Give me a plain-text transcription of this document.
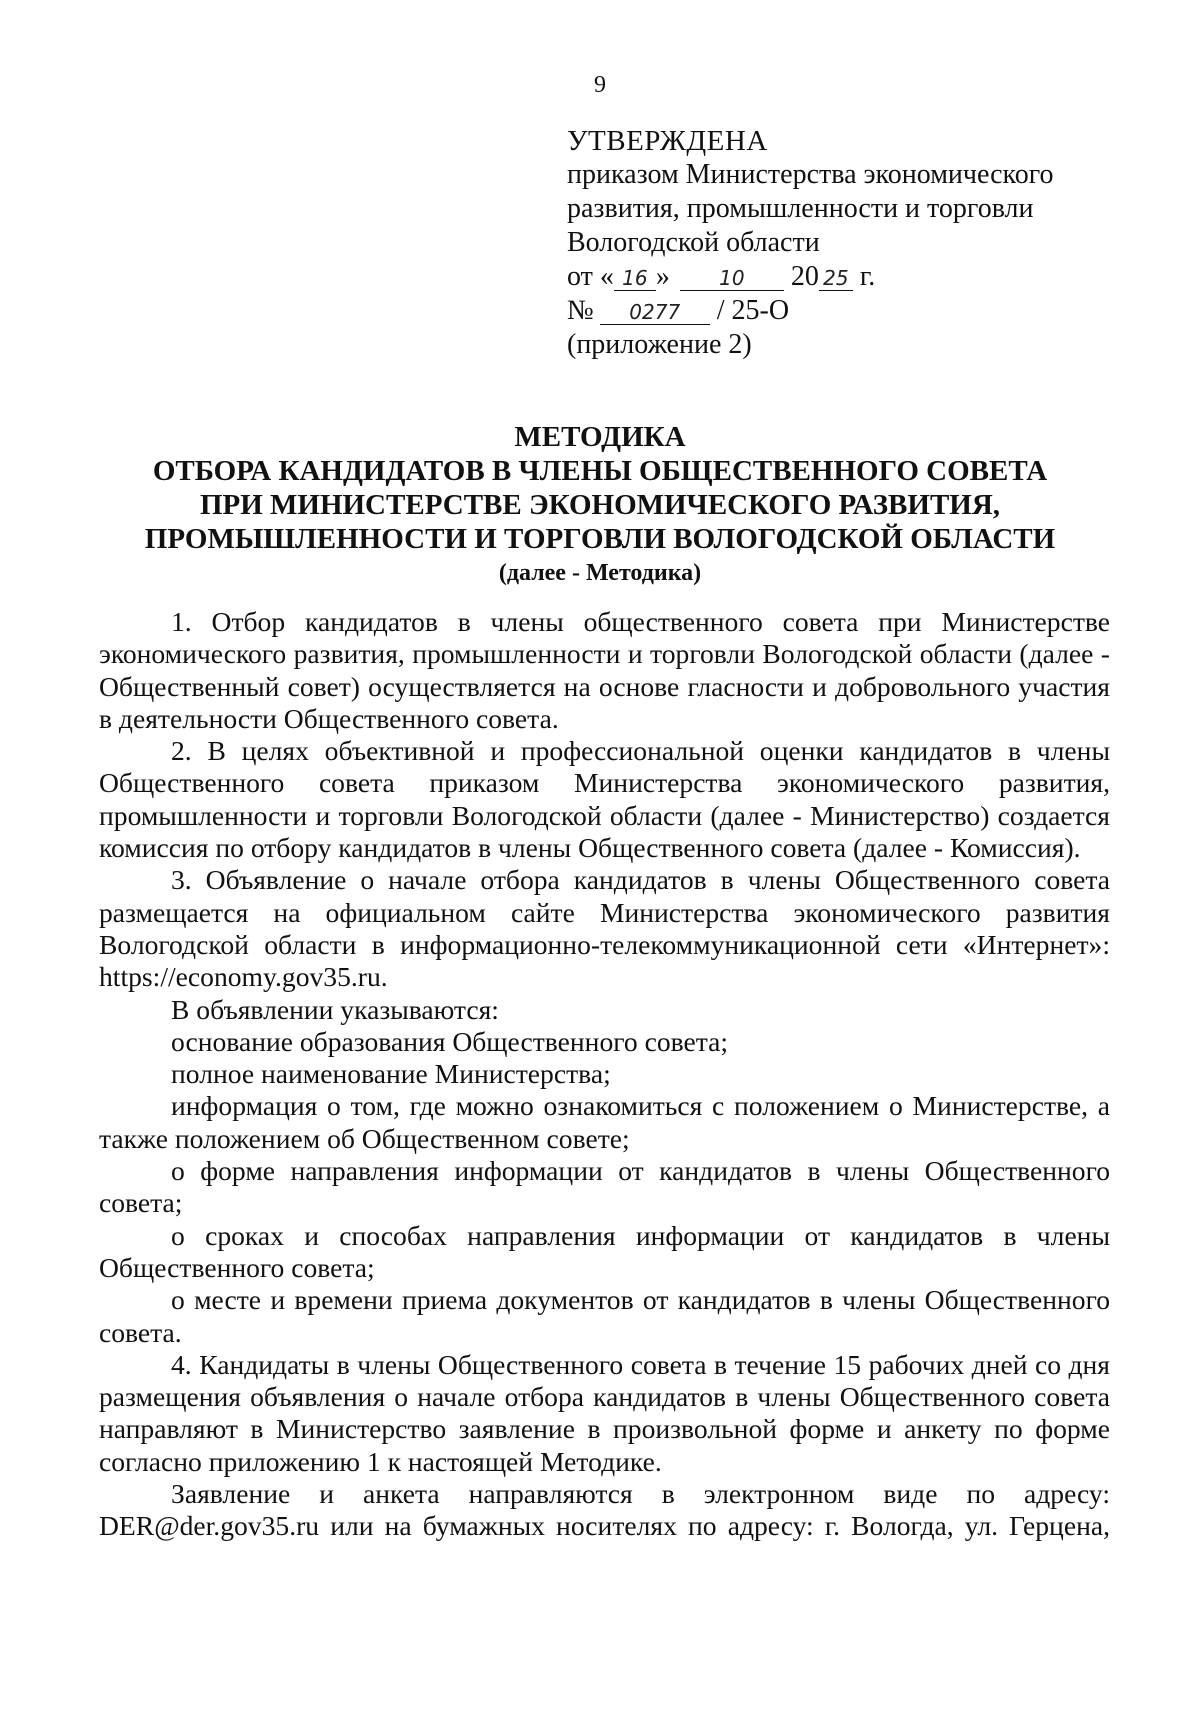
9
УТВЕРЖДЕНА
приказом Министерства экономического
развития, промышленности и торговли
Вологодской области
от « 16 » 10 20 25 г.
№ 0277 / 25-О
(приложение 2)
МЕТОДИКА
ОТБОРА КАНДИДАТОВ В ЧЛЕНЫ ОБЩЕСТВЕННОГО СОВЕТА
ПРИ МИНИСТЕРСТВЕ ЭКОНОМИЧЕСКОГО РАЗВИТИЯ,
ПРОМЫШЛЕННОСТИ И ТОРГОВЛИ ВОЛОГОДСКОЙ ОБЛАСТИ
(далее - Методика)

1. Отбор кандидатов в члены общественного совета при Министерстве экономического развития, промышленности и торговли Вологодской области (далее - Общественный совет) осуществляется на основе гласности и добровольного участия в деятельности Общественного совета.

2. В целях объективной и профессиональной оценки кандидатов в члены Общественного совета приказом Министерства экономического развития, промышленности и торговли Вологодской области (далее - Министерство) создается комиссия по отбору кандидатов в члены Общественного совета (далее - Комиссия).

3. Объявление о начале отбора кандидатов в члены Общественного совета размещается на официальном сайте Министерства экономического развития Вологодской области в информационно-телекоммуникационной сети «Интернет»: https://economy.gov35.ru.

В объявлении указываются:

основание образования Общественного совета;

полное наименование Министерства;

информация о том, где можно ознакомиться с положением о Министерстве, а также положением об Общественном совете;

о форме направления информации от кандидатов в члены Общественного совета;

о сроках и способах направления информации от кандидатов в члены Общественного совета;

о месте и времени приема документов от кандидатов в члены Общественного совета.

4. Кандидаты в члены Общественного совета в течение 15 рабочих дней со дня размещения объявления о начале отбора кандидатов в члены Общественного совета направляют в Министерство заявление в произвольной форме и анкету по форме согласно приложению 1 к настоящей Методике.

Заявление и анкета направляются в электронном виде по адресу: DER@der.gov35.ru или на бумажных носителях по адресу: г. Вологда, ул. Герцена,
